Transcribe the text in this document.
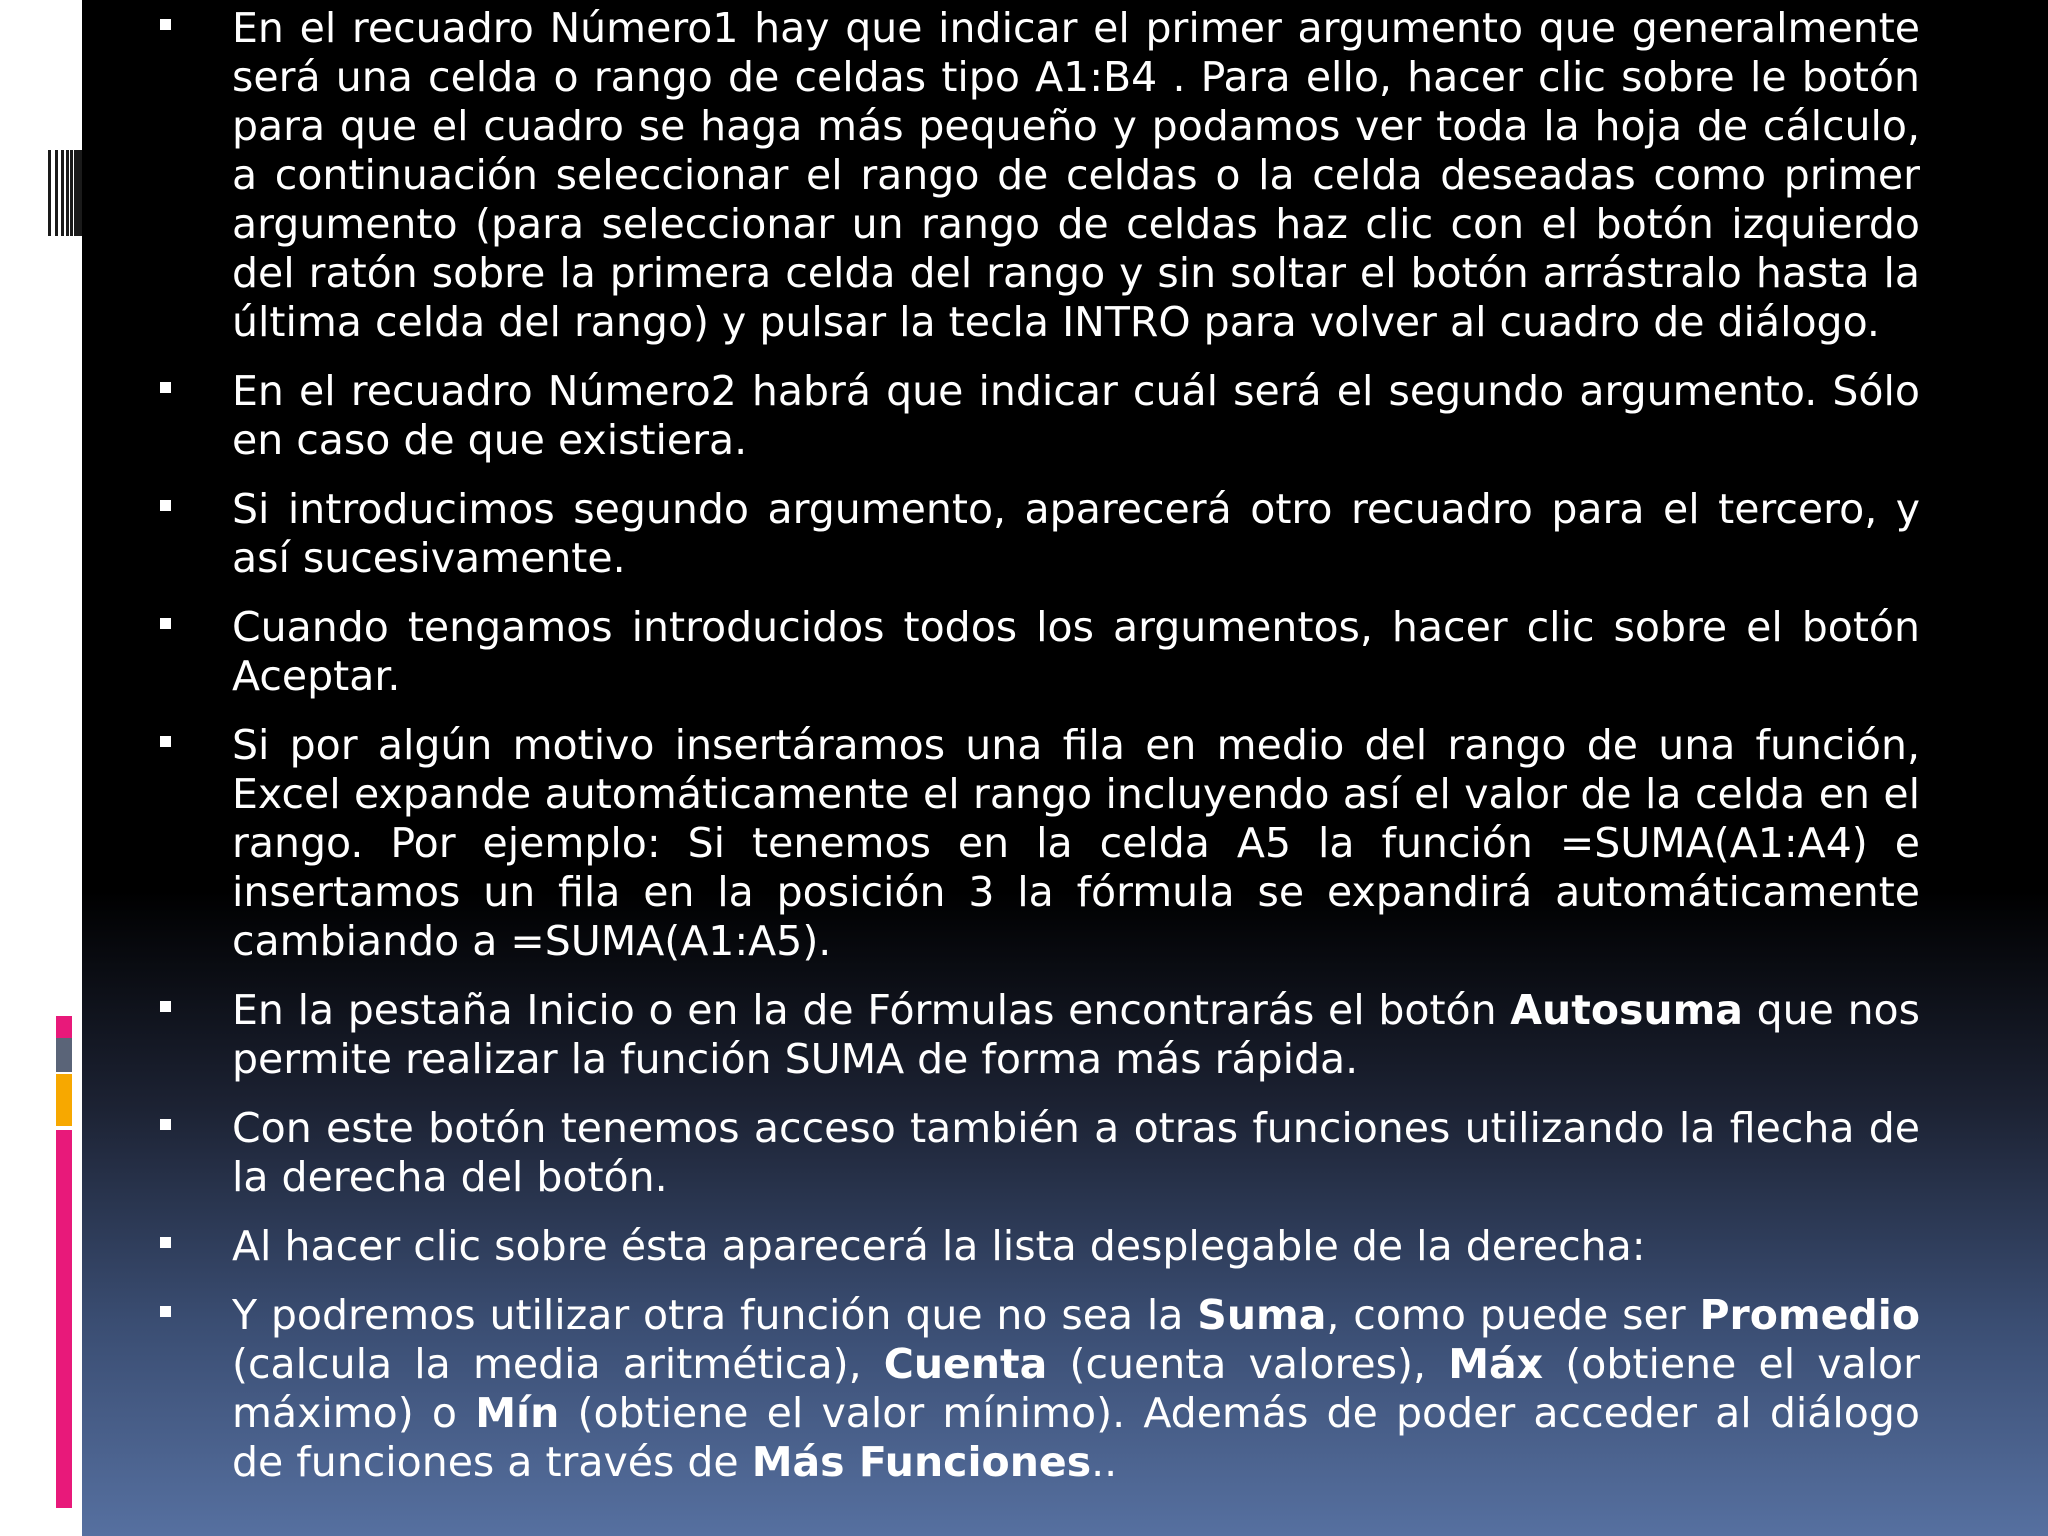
En el recuadro Número1 hay que indicar el primer argumento que generalmente será una celda o rango de celdas tipo A1:B4 . Para ello, hacer clic sobre le botón para que el cuadro se haga más pequeño y podamos ver toda la hoja de cálculo, a continuación seleccionar el rango de celdas o la celda deseadas como primer argumento (para seleccionar un rango de celdas haz clic con el botón izquierdo del ratón sobre la primera celda del rango y sin soltar el botón arrástralo hasta la última celda del rango) y pulsar la tecla INTRO para volver al cuadro de diálogo.
En el recuadro Número2 habrá que indicar cuál será el segundo argumento. Sólo en caso de que existiera.
Si introducimos segundo argumento, aparecerá otro recuadro para el tercero, y así sucesivamente.
Cuando tengamos introducidos todos los argumentos, hacer clic sobre el botón Aceptar.
Si por algún motivo insertáramos una fila en medio del rango de una función, Excel expande automáticamente el rango incluyendo así el valor de la celda en el rango. Por ejemplo: Si tenemos en la celda A5 la función =SUMA(A1:A4) e insertamos un fila en la posición 3 la fórmula se expandirá automáticamente cambiando a =SUMA(A1:A5).
En la pestaña Inicio o en la de Fórmulas encontrarás el botón Autosuma que nos permite realizar la función SUMA de forma más rápida.
Con este botón tenemos acceso también a otras funciones utilizando la flecha de la derecha del botón.
Al hacer clic sobre ésta aparecerá la lista desplegable de la derecha:
Y podremos utilizar otra función que no sea la Suma, como puede ser Promedio (calcula la media aritmética), Cuenta (cuenta valores), Máx (obtiene el valor máximo) o Mín (obtiene el valor mínimo). Además de poder acceder al diálogo de funciones a través de Más Funciones..
